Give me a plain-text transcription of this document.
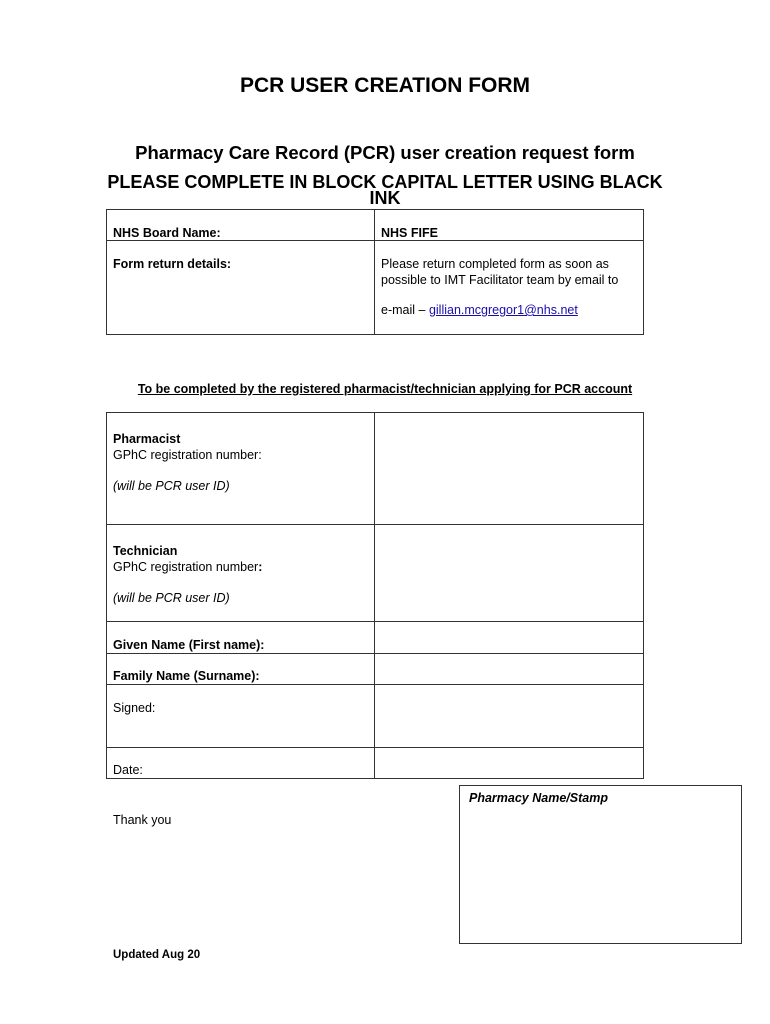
PCR USER CREATION FORM
Pharmacy Care Record (PCR) user creation request form
PLEASE COMPLETE IN BLOCK CAPITAL LETTER USING BLACK INK
NHS Board Name:	NHS FIFE
Form return details:	Please return completed form as soon as possible to IMT Facilitator team by email to
e-mail – gillian.mcgregor1@nhs.net
To be completed by the registered pharmacist/technician applying for PCR account
Pharmacist
GPhC registration number:
(will be PCR user ID)	

Technician
GPhC registration number:
(will be PCR user ID)	

Given Name (First name):	
Family Name (Surname):	
Signed:	
Date:	
Pharmacy Name/Stamp
Thank you
Updated Aug 20
